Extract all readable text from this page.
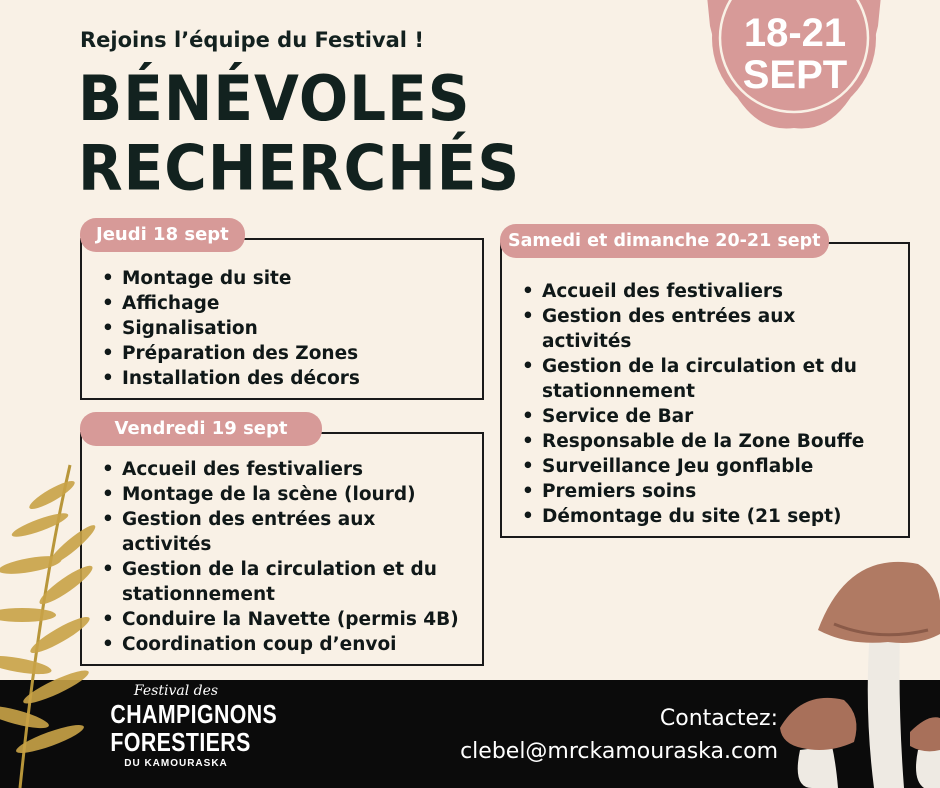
Rejoins l’équipe du Festival !
BÉNÉVOLES
RECHERCHÉS
18-21
SEPT
Jeudi 18 sept
• Montage du site
• Affichage
• Signalisation
• Préparation des Zones
• Installation des décors
Vendredi 19 sept
• Accueil des festivaliers
• Montage de la scène (lourd)
• Gestion des entrées aux activités
• Gestion de la circulation et du stationnement
• Conduire la Navette (permis 4B)
• Coordination coup d’envoi
Samedi et dimanche 20-21 sept
• Accueil des festivaliers
• Gestion des entrées aux activités
• Gestion de la circulation et du stationnement
• Service de Bar
• Responsable de la Zone Bouffe
• Surveillance Jeu gonflable
• Premiers soins
• Démontage du site (21 sept)
Festival des
CHAMPIGNONS
FORESTIERS
DU KAMOURASKA
Contactez:
clebel@mrckamouraska.com
